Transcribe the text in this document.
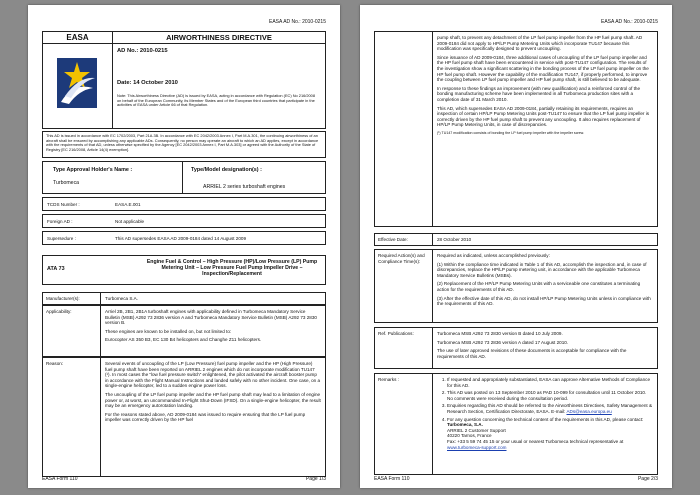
EASA AD No.: 2010-0215
EASA	AIRWORTHINESS DIRECTIVE
AD No.: 2010-0215
Date: 14 October 2010
Note: This Airworthiness Directive (AD) is issued by EASA, acting in accordance with Regulation (EC) No 216/2008 on behalf of the European Community, its Member States and of the European third countries that participate in the activities of EASA under Article 66 of that Regulation.
This AD is issued in accordance with EC 1702/2003, Part 21A.3B. In accordance with EC 2042/2003 Annex I, Part M.A.301, the continuing airworthiness of an aircraft shall be ensured by accomplishing any applicable ADs. Consequently, no person may operate an aircraft to which an AD applies, except in accordance with the requirements of that AD, unless otherwise specified by the Agency [EC 2042/2003 Annex I, Part M.A.303] or agreed with the Authority of the State of Registry [EC 216/2008, Article 14(4) exemption].
Type Approval Holder's Name :
Turbomeca
Type/Model designation(s) :
ARRIEL 2 series turboshaft engines
TCDS Number :	EASA.E.001
Foreign AD :	Not applicable
Supersedure :	This AD supersedes EASA AD 2009-0184 dated 14 August 2009
ATA 73
Engine Fuel & Control – High Pressure (HP)/Low Pressure (LP) Pump Metering Unit – Low Pressure Fuel Pump Impeller Drive – Inspection/Replacement
Manufacturer(s):	Turbomeca S.A.
Applicability:	Arriel 2B, 2B1, 2B1A turboshaft engines with applicability defined in Turbomeca Mandatory Service Bulletin (MSB) A292 73 2836 version A and Turbomeca Mandatory Service Bulletin (MSB) A292 73 2830 version B.
These engines are known to be installed on, but not limited to:
Eurocopter AS 350 B3, EC 130 B4 helicopters and Changhe Z11 helicopters.
Reason:	Several events of uncoupling of the LP (Low Pressure) fuel pump impeller and the HP (High Pressure) fuel pump shaft have been reported on ARRIEL 2 engines which do not incorporate modification TU147 (¹). In most cases the “low fuel pressure switch” enlightened, the pilot activated the aircraft booster pump in accordance with the Flight Manual Instructions and landed safely with no other incident. One case, on a single-engine helicopter, led to a sudden engine power loss.
The uncoupling of the LP fuel pump impeller and the HP fuel pump shaft may lead to a limitation of engine power or, at worst, an uncommanded In-Flight Shut-Down (IFSD). On a single-engine helicopter, the result may be an emergency autorotation landing.
For the reasons stated above, AD 2009-0184 was issued to require ensuring that the LP fuel pump impeller was correctly driven by the HP fuel
EASA Form 110	Page 1/3
EASA AD No.: 2010-0215
pump shaft, to prevent any detachment of the LP fuel pump impeller from the HP fuel pump shaft. AD 2009-0184 did not apply to HP/LP Pump Metering Units which incorporate TU147 because this modification was specifically designed to prevent uncoupling.
Since issuance of AD 2009-0184, three additional cases of uncoupling of the LP fuel pump impeller and the HP fuel pump shaft have been encountered in service with post-TU147 configuration. The results of the investigation show a significant scattering in the bonding process of the LP fuel pump impeller on the HP fuel pump shaft. However the capability of the modification TU147, if properly performed, to improve the coupling between LP fuel pump impeller and HP fuel pump shaft, is still believed to be adequate.
In response to these findings an improvement (with new qualification) and a reinforced control of the bonding manufacturing scheme have been implemented in all Turbomeca production sites with a completion date of 31 March 2010.
This AD, which supersedes EASA AD 2009-0184, partially retaining its requirements, requires an inspection of certain HP/LP Pump Metering Units post-TU147 to ensure that the LP fuel pump impeller is correctly driven by the HP fuel pump shaft to prevent any uncoupling. It also requires replacement of HP/LP Pump Metering Units, in case of discrepancies.
(¹) TU147 modification consists of bonding the LP fuel pump impeller with the impeller screw.
Effective Date:	28 October 2010
Required Action(s) and Compliance Time(s):
Required as indicated, unless accomplished previously:
(1) Within the compliance time indicated in Table 1 of this AD, accomplish the inspection and, in case of discrepancies, replace the HP/LP pump metering unit, in accordance with the applicable Turbomeca Mandatory Service Bulletins (MSBs).
(2) Replacement of the HP/LP Pump Metering Units with a serviceable one constitutes a terminating action for the requirements of this AD.
(3) After the effective date of this AD, do not install HP/LP Pump Metering Units unless in compliance with the requirements of this AD.
Ref. Publications:	Turbomeca MSB A292 73 2830 version B dated 10 July 2009.
Turbomeca MSB A292 73 2836 version A dated 17 August 2010.
The use of later approved revisions of these documents is acceptable for compliance with the requirements of this AD.
Remarks :
1.	If requested and appropriately substantiated, EASA can approve Alternative Methods of Compliance for this AD.
2. This AD was posted on 13 September 2010 as PAD 10-099 for consultation until 11 October 2010. No comments were received during the consultation period.
3. Enquiries regarding this AD should be referred to the Airworthiness Directives, Safety Management & Research Section, Certification Directorate, EASA. E-mail: ADs@easa.europa.eu
4. For any question concerning the technical content of the requirements in this AD, please contact:
Turbomeca, S.A.
ARRIEL 2 Customer Support
40220 Tarnos, France
Fax: +33 5 59 74 45 15 or your usual or nearest Turbomeca technical representative at www.turbomeca-support.com
EASA Form 110	Page 2/3
